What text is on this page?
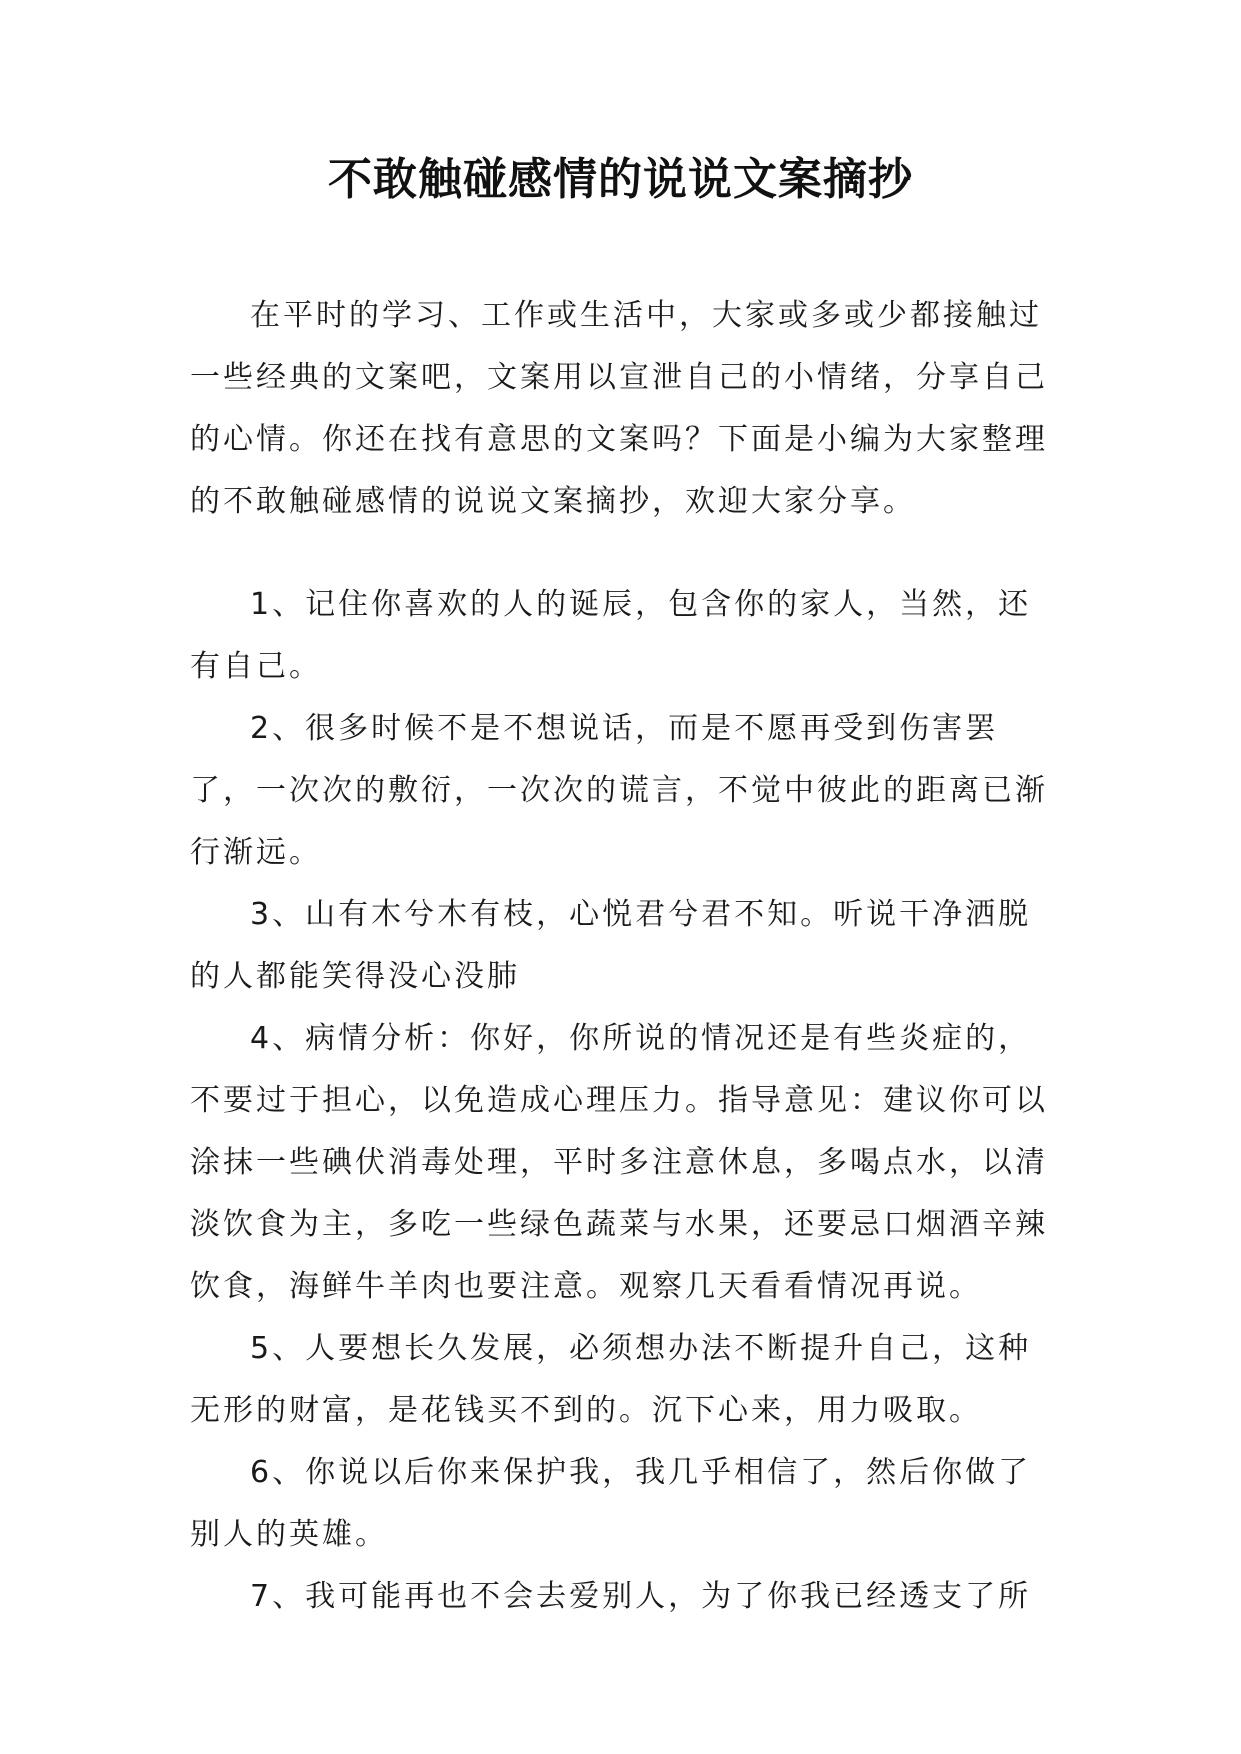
不敢触碰感情的说说文案摘抄

在平时的学习、工作或生活中，大家或多或少都接触过一些经典的文案吧，文案用以宣泄自己的小情绪，分享自己的心情。你还在找有意思的文案吗？下面是小编为大家整理的不敢触碰感情的说说文案摘抄，欢迎大家分享。

1、记住你喜欢的人的诞辰，包含你的家人，当然，还有自己。

2、很多时候不是不想说话，而是不愿再受到伤害罢了，一次次的敷衍，一次次的谎言，不觉中彼此的距离已渐行渐远。

3、山有木兮木有枝，心悦君兮君不知。听说干净洒脱的人都能笑得没心没肺

4、病情分析：你好，你所说的情况还是有些炎症的，不要过于担心，以免造成心理压力。指导意见：建议你可以涂抹一些碘伏消毒处理，平时多注意休息，多喝点水，以清淡饮食为主，多吃一些绿色蔬菜与水果，还要忌口烟酒辛辣饮食，海鲜牛羊肉也要注意。观察几天看看情况再说。

5、人要想长久发展，必须想办法不断提升自己，这种无形的财富，是花钱买不到的。沉下心来，用力吸取。

6、你说以后你来保护我，我几乎相信了，然后你做了别人的英雄。

7、我可能再也不会去爱别人，为了你我已经透支了所
